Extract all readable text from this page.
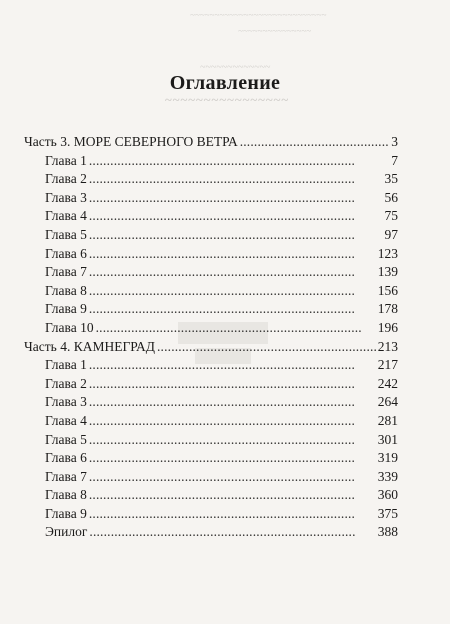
~~~~~~~~~~~~~~~~~~~~~~~~~~~~
~~~~~~~~~~~~~~~
~~~~~~~~~~~~~
~~~~~~~~~~~~~~~~
Оглавление
Часть 3. МОРЕ СЕВЕРНОГО ВЕТРА . . .	3
Глава 1 . . .	7
Глава 2 . . .	35
Глава 3 . . .	56
Глава 4 . . .	75
Глава 5 . . .	97
Глава 6 . . .	123
Глава 7 . . .	139
Глава 8 . . .	156
Глава 9 . . .	178
Глава 10 . . .	196
Часть 4. КАМНЕГРАД . . .	213
Глава 1 . . .	217
Глава 2 . . .	242
Глава 3 . . .	264
Глава 4 . . .	281
Глава 5 . . .	301
Глава 6 . . .	319
Глава 7 . . .	339
Глава 8 . . .	360
Глава 9 . . .	375
Эпилог . . .	388
